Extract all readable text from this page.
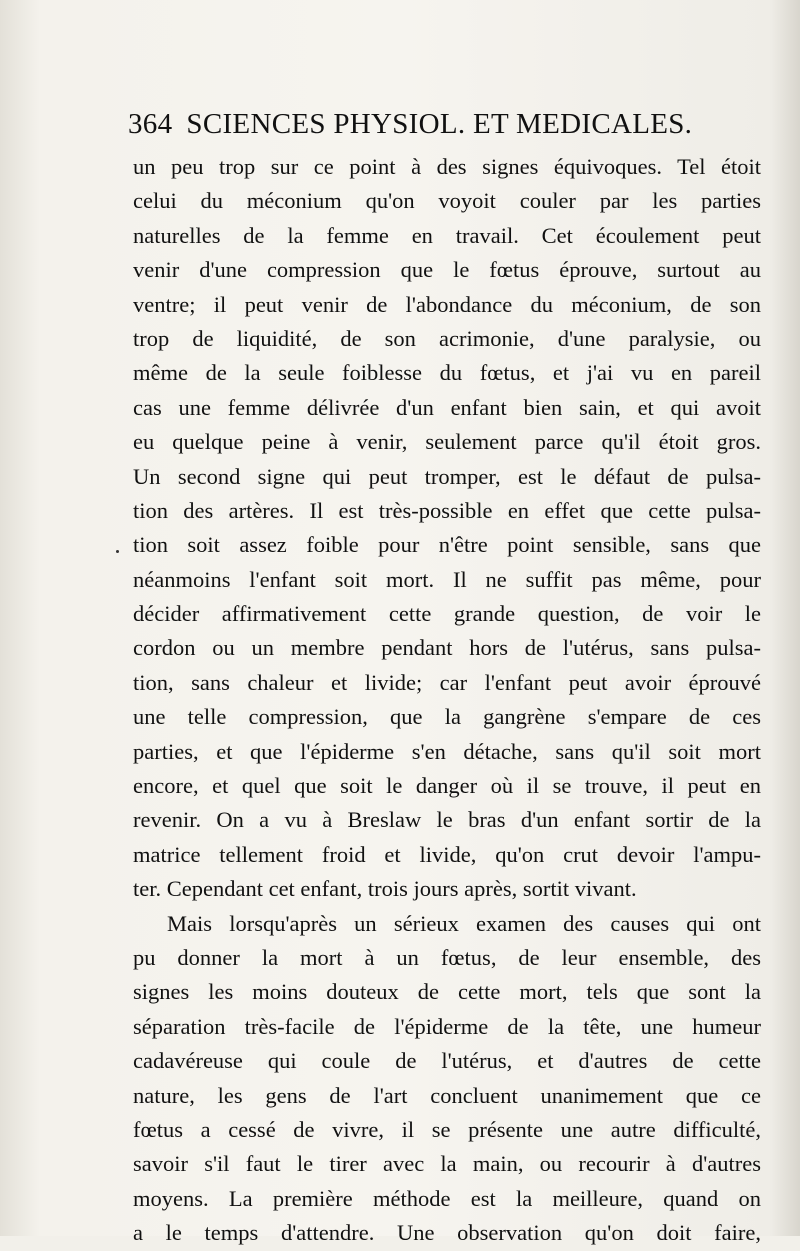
364 SCIENCES PHYSIOL. ET MEDICALES.
un peu trop sur ce point à des signes équivoques. Tel étoit
celui du méconium qu'on voyoit couler par les parties
naturelles de la femme en travail. Cet écoulement peut
venir d'une compression que le fœtus éprouve, surtout au
ventre; il peut venir de l'abondance du méconium, de son
trop de liquidité, de son acrimonie, d'une paralysie, ou
même de la seule foiblesse du fœtus, et j'ai vu en pareil
cas une femme délivrée d'un enfant bien sain, et qui avoit
eu quelque peine à venir, seulement parce qu'il étoit gros.
Un second signe qui peut tromper, est le défaut de pulsa-
tion des artères. Il est très-possible en effet que cette pulsa-
tion soit assez foible pour n'être point sensible, sans que
néanmoins l'enfant soit mort. Il ne suffit pas même, pour
décider affirmativement cette grande question, de voir le
cordon ou un membre pendant hors de l'utérus, sans pulsa-
tion, sans chaleur et livide; car l'enfant peut avoir éprouvé
une telle compression, que la gangrène s'empare de ces
parties, et que l'épiderme s'en détache, sans qu'il soit mort
encore, et quel que soit le danger où il se trouve, il peut en
revenir. On a vu à Breslaw le bras d'un enfant sortir de la
matrice tellement froid et livide, qu'on crut devoir l'ampu-
ter. Cependant cet enfant, trois jours après, sortit vivant.
Mais lorsqu'après un sérieux examen des causes qui ont
pu donner la mort à un fœtus, de leur ensemble, des
signes les moins douteux de cette mort, tels que sont la
séparation très-facile de l'épiderme de la tête, une humeur
cadavéreuse qui coule de l'utérus, et d'autres de cette
nature, les gens de l'art concluent unanimement que ce
fœtus a cessé de vivre, il se présente une autre difficulté,
savoir s'il faut le tirer avec la main, ou recourir à d'autres
moyens. La première méthode est la meilleure, quand on
a le temps d'attendre. Une observation qu'on doit faire,
